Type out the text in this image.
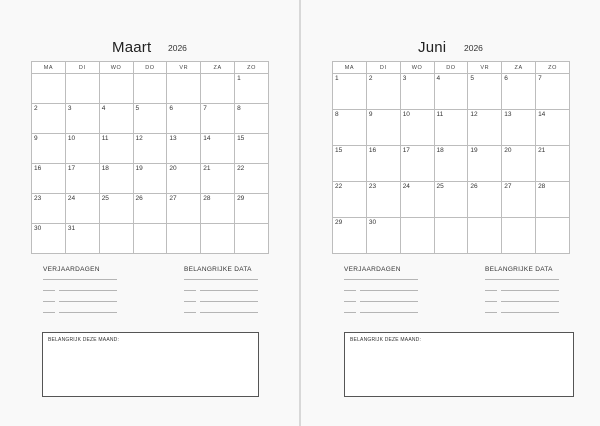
Maart 2026
MA	DI	WO	DO	VR	ZA	ZO

						1

2	3	4	5	6	7	8

9	10	11	12	13	14	15

16	17	18	19	20	21	22

23	24	25	26	27	28	29

30	31					

VERJAARDAGEN	BELANGRIJKE DATA
BELANGRIJK DEZE MAAND:
Juni 2026
MA	DI	WO	DO	VR	ZA	ZO

1	2	3	4	5	6	7

8	9	10	11	12	13	14

15	16	17	18	19	20	21

22	23	24	25	26	27	28

29	30					

VERJAARDAGEN	BELANGRIJKE DATA
BELANGRIJK DEZE MAAND:
